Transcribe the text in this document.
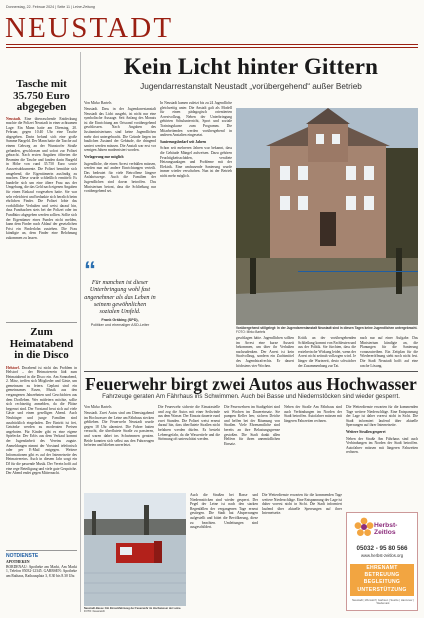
Donnerstag, 22. Februar 2024 | Seite 11 | Leine-Zeitung
NEUSTADT
Tasche mit 35.750 Euro abgegeben
Neustadt. Eine überraschende Entdeckung machte die Polizei Neustadt in einer achtsamen Lage: Ein Mann hatte am Dienstag, 20. Februar, gegen 10.40 Uhr eine Tasche abgegeben. Darin befand sich eine große Summe Bargeld. Der Mann hatte die Tasche auf einem Gehweg an der Wunstorfer Straße gefunden, geschlossen und sofort zur Polizei gebracht. Nach ersten Angaben öffneten die Beamten die Tasche und fanden darin Bargeld in Höhe von rund 35.750 Euro sowie Ausweisdokumente. Die Polizei bemühte sich umgehend, die Eigentümerin ausfindig zu machen. Diese wurde schließlich ermittelt: Es handelte sich um eine ältere Frau aus der Umgebung, die das Geld nach eigenen Angaben für einen Einkauf vorgesehen hatte. Sie war sehr erleichtert und bedankte sich herzlich beim ehrlichen Finder. Die Polizei lobte das vorbildliche Verhalten und weist darauf hin, dass Fundsachen stets bei der Polizei oder im Fundbüro abgegeben werden sollten. Sollte sich der Eigentümer eines Fundes nicht melden, kann dem Finder nach Ablauf der gesetzlichen Frist ein Finderlohn zustehen. Die Frau kündigte an, dem Finder eine Belohnung zukommen zu lassen.
Zum Heimatabend in die Disco
Helstorf. Dorabend ist nicht das Problem in Helstorf – der Heimatverein lädt zum Heimatabend in die Disco ein. Am Sonnabend, 2. März, treffen sich Mitglieder und Gäste, um gemeinsam zu feiern. Geplant sind ein gemeinsames Essen, Musik aus den vergangenen Jahrzehnten und Geschichten aus dem Dorfleben. Wer mitfeiern möchte, sollte sich rechtzeitig anmelden, da die Plätze begrenzt sind. Der Vorstand freut sich auf viele Gäste und einen geselligen Abend. Auch Neubürger und junge Familien sind ausdrücklich eingeladen. Der Eintritt ist frei, Getränke werden zu moderaten Preisen angeboten. Für Kinder gibt es eine eigene Spielecke. Der Erlös aus dem Verkauf kommt der Jugendarbeit des Vereins zugute. Anmeldungen nimmt der Vorstand telefonisch oder per E-Mail entgegen. Weitere Informationen gibt es auf der Internetseite des Heimatvereins. Auch in diesem Jahr sorgt ein DJ für die passende Musik. Der Verein hofft auf eine rege Beteiligung und viele gute Gespräche. Der Abend endet gegen Mitternacht.
NOTDIENSTE
APOTHEKEN
BORDENAU: Apotheke am Markt, Am Markt 1, Telefon 05032-12345. GARBSEN: Apotheke am Rathaus, Rathausplatz 3, 8.30 bis 8.30 Uhr.
Kein Licht hinter Gittern
Jugendarrestanstalt Neustadt „vorübergehend“ außer Betrieb
Von Mirko Bartels

Neustadt. Dass in der Jugendarrestanstalt Neustadt das Licht ausgeht, ist nicht nur eine symbolische Aussage. Seit Anfang des Monats ist die Einrichtung am Ortsrand vorübergehend geschlossen. Nach Angaben des Justizministeriums sind keine Jugendlichen mehr dort untergebracht. Die Gründe liegen im baulichen Zustand der Gebäude, die dringend saniert werden müssen. Die Anstalt war erst vor wenigen Jahren modernisiert worden.

Verlagerung nur möglich

Jugendliche, die einen Arrest verbüßen müssen, werden nun auf andere Einrichtungen verteilt. Das bedeutet für viele Betroffene längere Anfahrtswege. Auch die Familien der Jugendlichen sind davon betroffen. Das Ministerium betont, dass die Schließung nur vorübergehend sei.

In Neustadt kamen zuletzt bis zu 24 Jugendliche gleichzeitig unter. Die Anstalt galt als Modell für einen pädagogisch orientierten Arrestvollzug. Neben der Unterbringung gehörten Schulunterricht, Sport und soziale Trainingskurse zum Programm. Die Mitarbeitenden werden vorübergehend in anderen Anstalten eingesetzt.

Sanierungsbedarf seit Jahren

Schon seit mehreren Jahren war bekannt, dass die Gebäude Mängel aufweisen. Dazu gehören Feuchtigkeitsschäden, veraltete Heizungsanlagen und Probleme mit der Elektrik. Eine umfassende Sanierung wurde immer wieder verschoben. Nun ist der Betrieb nicht mehr möglich.

“
Für manchen ist dieser Unterbringung wohl fast angenehmer als das Leben in seinem gewöhnlichen sozialen Umfeld.
Frank Gräbing (SPD),
Politiker und ehemaliger ASD-Leiter
Vorübergehend stillgelegt: In der Jugendarrestanstalt Neustadt sind in diesen Tagen keine Jugendlichen untergebracht. FOTO: Mirko Bartels
geschlagen hätte. Jugendlichen sollten im Arrest eine kurze Auszeit bekommen, um über ihr Verhalten nachzudenken. Der Arrest ist kein Strafvollzug, sondern ein Zuchtmittel des Jugendstrafrechts. Er dauert höchstens vier Wochen.
Kritik an der vorübergehenden Schließung kommt von Fachleuten und aus der Politik. Sie fürchten, dass die erzieherische Wirkung leidet, wenn der Arrest nicht zeitnah vollzogen wird. Je länger die Wartezeit, desto schwächer der Zusammenhang zur Tat.
nach nur auf einer Aufgabe. Das Ministerium kündigte an, die Planungen für die Sanierung voranzutreiben. Ein Zeitplan für die Wiedereröffnung steht noch nicht fest. Die Stadt Neustadt hofft auf eine rasche Lösung.
Feuerwehr birgt zwei Autos aus Hochwasser
Fahrzeuge geraten Am Fährhaus ins Schwimmen. Auch bei Basse und Niedernstöcken sind wieder gesperrt.
Von Mirko Bartels
Neustadt. Zwei Autos sind am Dienstagabend im Hochwasser der Leine am Fährhaus stecken geblieben. Die Feuerwehr Neustadt wurde gegen 18 Uhr alarmiert. Die Fahrer hatten versucht, die überflutete Straße zu passieren, und waren dabei ins Schwimmen geraten. Beide konnten sich selbst aus den Fahrzeugen befreien und blieben unverletzt.
Die Feuerwehr sicherte die Einsatzstelle und zog die Autos mit einer Seilwinde aus dem Wasser. Der Einsatz dauerte rund zwei Stunden. Die Polizei weist erneut darauf hin, dass überflutete Straßen nicht befahren werden dürfen. Es besteht Lebensgefahr, da die Wassertiefe und die Strömung oft unterschätzt werden.
Auch die Straßen bei Basse und Niedernstöcken sind wieder gesperrt. Der Pegel der Leine ist nach den starken Regenfällen der vergangenen Tage erneut gestiegen. Die Stadt hat Absperrungen aufgestellt und bittet die Bevölkerung, diese zu beachten. Umleitungen sind ausgeschildert.
Die Feuerwehren im Stadtgebiet sind seit Wochen im Dauereinsatz. Sie pumpen Keller leer, sichern Deiche und helfen bei der Räumung von Straßen. Viele Ehrenamtliche sind bereits an ihre Belastungsgrenze gestoßen. Die Stadt dankt allen Helfern für ihren unermüdlichen Einsatz.
Die Wetterdienste erwarten für die kommenden Tage weitere Niederschläge. Eine Entspannung der Lage ist daher vorerst nicht in Sicht. Die Stadt informiert laufend über aktuelle Sperrungen auf ihrer Internetseite.
Neben der Straße Am Fährhaus sind auch Verbindungen im Norden der Stadt betroffen. Autofahrer müssen mit längeren Fahrzeiten rechnen.

Die Wetterdienste erwarten für die kommenden Tage weitere Niederschläge. Eine Entspannung der Lage ist daher vorerst nicht in Sicht. Die Stadt informiert laufend über aktuelle Sperrungen auf ihrer Internetseite.

Weitere Straßen gesperrt

Neben der Straße Am Fährhaus sind auch Verbindungen im Norden der Stadt betroffen. Autofahrer müssen mit längeren Fahrzeiten rechnen.

Neustadt-Basse: Ein Einsatzfahrzeug der Feuerwehr im Hochwasser der Leine. FOTO: Feuerwehr
Herbst-Zeitlos
05032 - 95 80 566
www.herbst-zeitlos.org
EHRENAMT
BETREUUNG
BEGLEITUNG
UNTERSTÜTZUNG
Neustadt | Wunstorf | Garbsen | Seelze | Hannover | Wedemark
